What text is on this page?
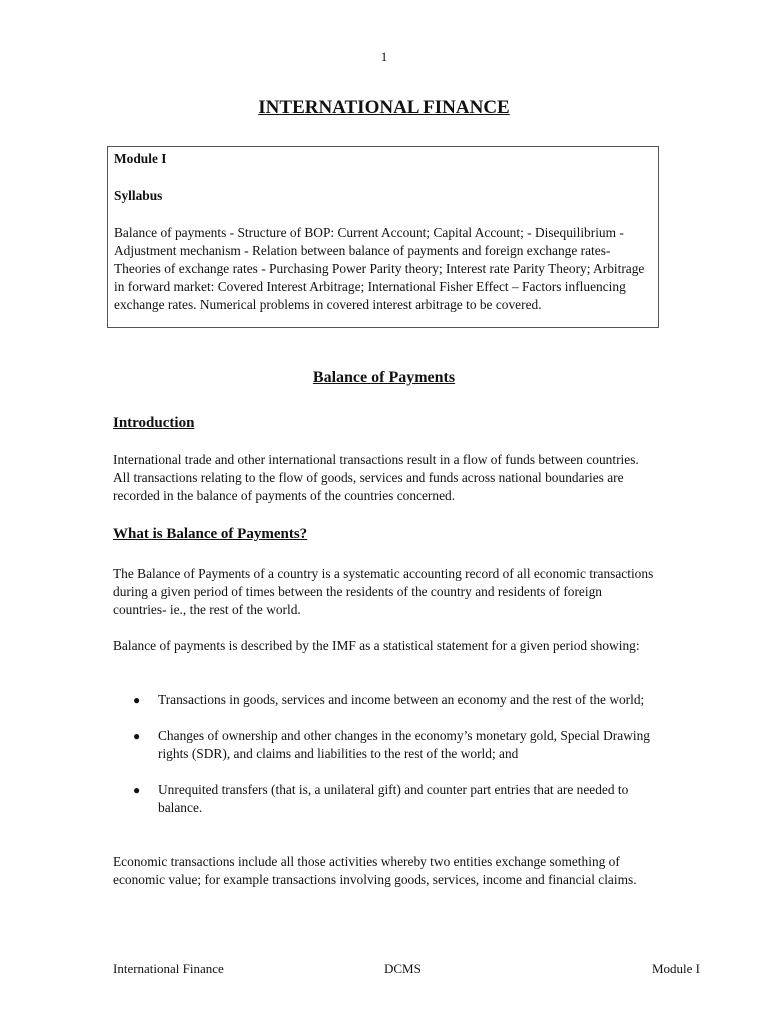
1
INTERNATIONAL FINANCE

Module I

Syllabus

Balance of payments - Structure of BOP: Current Account; Capital Account; - Disequilibrium - Adjustment mechanism - Relation between balance of payments and foreign exchange rates- Theories of exchange rates - Purchasing Power Parity theory; Interest rate Parity Theory; Arbitrage in forward market: Covered Interest Arbitrage; International Fisher Effect – Factors influencing exchange rates. Numerical problems in covered interest arbitrage to be covered.

Balance of Payments
Introduction

International trade and other international transactions result in a flow of funds between countries. All transactions relating to the flow of goods, services and funds across national boundaries are recorded in the balance of payments of the countries concerned.

What is Balance of Payments?

The Balance of Payments of a country is a systematic accounting record of all economic transactions during a given period of times between the residents of the country and residents of foreign countries- ie., the rest of the world.

Balance of payments is described by the IMF as a statistical statement for a given period showing:

● Transactions in goods, services and income between an economy and the rest of the world;
● Changes of ownership and other changes in the economy’s monetary gold, Special Drawing rights (SDR), and claims and liabilities to the rest of the world; and
● Unrequited transfers (that is, a unilateral gift) and counter part entries that are needed to balance.

Economic transactions include all those activities whereby two entities exchange something of economic value; for example transactions involving goods, services, income and financial claims.

International Finance	DCMS	Module I
